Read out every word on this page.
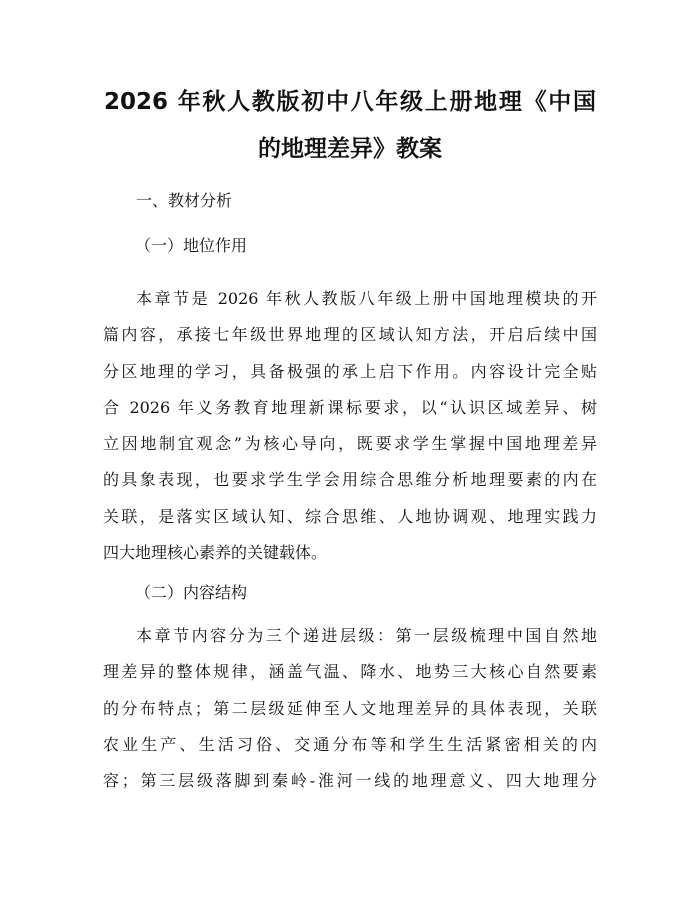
2026 年秋人教版初中八年级上册地理《中国
的地理差异》教案

一、教材分析

（一）地位作用

本章节是 2026 年秋人教版八年级上册中国地理模块的开
篇内容，承接七年级世界地理的区域认知方法，开启后续中国
分区地理的学习，具备极强的承上启下作用。内容设计完全贴
合 2026 年义务教育地理新课标要求，以“认识区域差异、树
立因地制宜观念”为核心导向，既要求学生掌握中国地理差异
的具象表现，也要求学生学会用综合思维分析地理要素的内在
关联，是落实区域认知、综合思维、人地协调观、地理实践力
四大地理核心素养的关键载体。

（二）内容结构

本章节内容分为三个递进层级：第一层级梳理中国自然地
理差异的整体规律，涵盖气温、降水、地势三大核心自然要素
的分布特点；第二层级延伸至人文地理差异的具体表现，关联
农业生产、生活习俗、交通分布等和学生生活紧密相关的内
容；第三层级落脚到秦岭-淮河一线的地理意义、四大地理分
